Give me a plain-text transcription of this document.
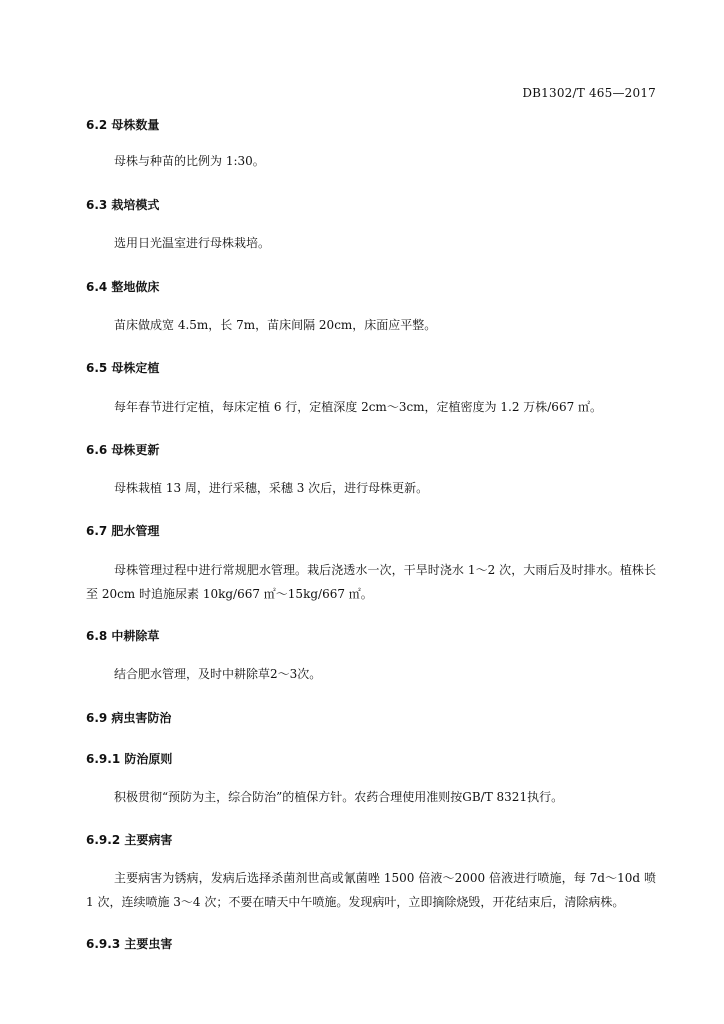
DB1302/T 465—2017
6.2 母株数量

母株与种苗的比例为 1:30。

6.3 栽培模式

选用日光温室进行母株栽培。

6.4 整地做床

苗床做成宽 4.5m，长 7m，苗床间隔 20cm，床面应平整。

6.5 母株定植

每年春节进行定植，每床定植 6 行，定植深度 2cm～3cm，定植密度为 1.2 万株/667 ㎡。

6.6 母株更新

母株栽植 13 周，进行采穗，采穗 3 次后，进行母株更新。

6.7 肥水管理

母株管理过程中进行常规肥水管理。栽后浇透水一次，干旱时浇水 1～2 次，大雨后及时排水。植株长至 20cm 时追施尿素 10kg/667 ㎡～15kg/667 ㎡。

6.8 中耕除草

结合肥水管理，及时中耕除草2～3次。

6.9 病虫害防治
6.9.1 防治原则

积极贯彻“预防为主，综合防治”的植保方针。农药合理使用准则按GB/T 8321执行。

6.9.2 主要病害

主要病害为锈病，发病后选择杀菌剂世高或氰菌唑 1500 倍液～2000 倍液进行喷施，每 7d～10d 喷 1 次，连续喷施 3～4 次；不要在晴天中午喷施。发现病叶，立即摘除烧毁，开花结束后，清除病株。

6.9.3 主要虫害
